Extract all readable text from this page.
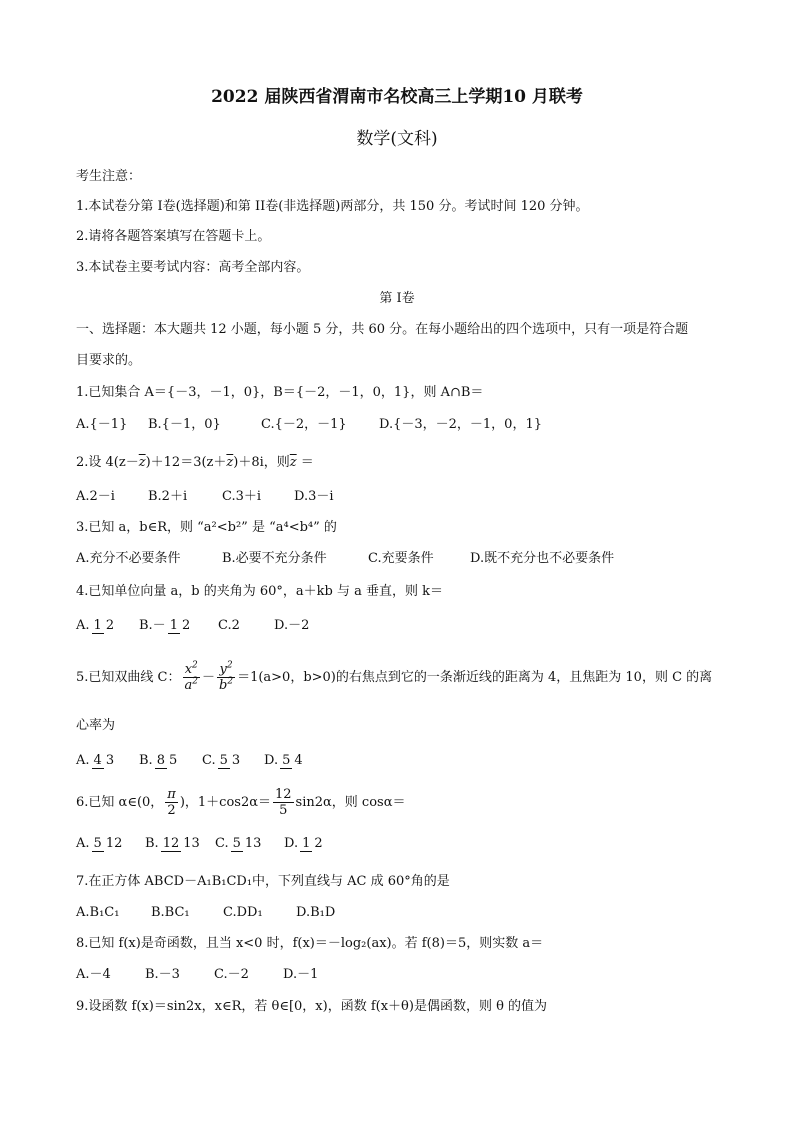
2022 届陕西省渭南市名校高三上学期10 月联考
数学(文科)
考生注意：
1.本试卷分第 I卷(选择题)和第 II卷(非选择题)两部分，共 150 分。考试时间 120 分钟。
2.请将各题答案填写在答题卡上。
3.本试卷主要考试内容：高考全部内容。
第 I卷
一、选择题：本大题共 12 小题，每小题 5 分，共 60 分。在每小题给出的四个选项中，只有一项是符合题
目要求的。
1.已知集合 A＝{－3，－1，0}，B＝{－2，－1，0，1}，则 A∩B＝
A.{－1}	B.{－1，0}	C.{－2，－1}	D.{－3，－2，－1，0，1}
2.设 $4(z-\overline{z})+12=3(z+\overline{z})+8i$，则$\overline{z}$ ＝
A.2－i	B.2＋i	C.3＋i	D.3－i
3.已知 a，b∈R，则 “a²<b²” 是 “a⁴<b⁴” 的
A.充分不必要条件	B.必要不充分条件	C.充要条件	D.既不充分也不必要条件
4.已知单位向量 a，b 的夹角为 60°，a＋kb 与 a 垂直，则 k＝
A. 1 2	B.－ 1 2	C.2	D.－2
5.已知双曲线 C： $\frac{x^2}{a^2} - \frac{y^2}{b^2} =1(a>0$，b>0)的右焦点到它的一条渐近线的距离为 4，且焦距为 10，则 C 的离
心率为
A. 4 3	B. 8 5	C. 5 3	D. 5 4
6.已知 α∈(0， $\frac{\pi}{2}$ )，$1+\cos 2\alpha= \frac{12}{5} \sin 2\alpha$，则 cosα＝
A. 5 12	B. 12 13	C. 5 13	D. 1 2
7.在正方体 ABCD－A₁B₁CD₁中，下列直线与 AC 成 60°角的是
A.B₁C₁	B.BC₁	C.DD₁	D.B₁D
8.已知 f(x)是奇函数，且当 x<0 时，f(x)＝－log₂(ax)。若 f(8)＝5，则实数 a＝
A.－4	B.－3	C.－2	D.－1
9.设函数 f(x)＝sin2x，x∈R，若 θ∈[0，x)，函数 f(x＋θ)是偶函数，则 θ 的值为
